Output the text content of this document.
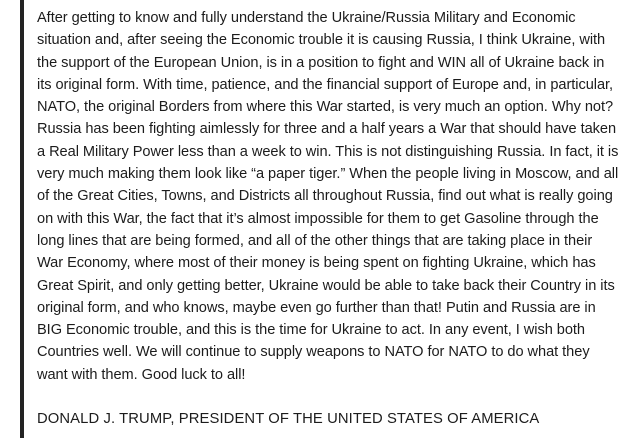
After getting to know and fully understand the Ukraine/Russia Military and Economic situation and, after seeing the Economic trouble it is causing Russia, I think Ukraine, with the support of the European Union, is in a position to fight and WIN all of Ukraine back in its original form. With time, patience, and the financial support of Europe and, in particular, NATO, the original Borders from where this War started, is very much an option. Why not? Russia has been fighting aimlessly for three and a half years a War that should have taken a Real Military Power less than a week to win. This is not distinguishing Russia. In fact, it is very much making them look like “a paper tiger.” When the people living in Moscow, and all of the Great Cities, Towns, and Districts all throughout Russia, find out what is really going on with this War, the fact that it’s almost impossible for them to get Gasoline through the long lines that are being formed, and all of the other things that are taking place in their War Economy, where most of their money is being spent on fighting Ukraine, which has Great Spirit, and only getting better, Ukraine would be able to take back their Country in its original form, and who knows, maybe even go further than that! Putin and Russia are in BIG Economic trouble, and this is the time for Ukraine to act. In any event, I wish both Countries well. We will continue to supply weapons to NATO for NATO to do what they want with them. Good luck to all!

DONALD J. TRUMP, PRESIDENT OF THE UNITED STATES OF AMERICA
